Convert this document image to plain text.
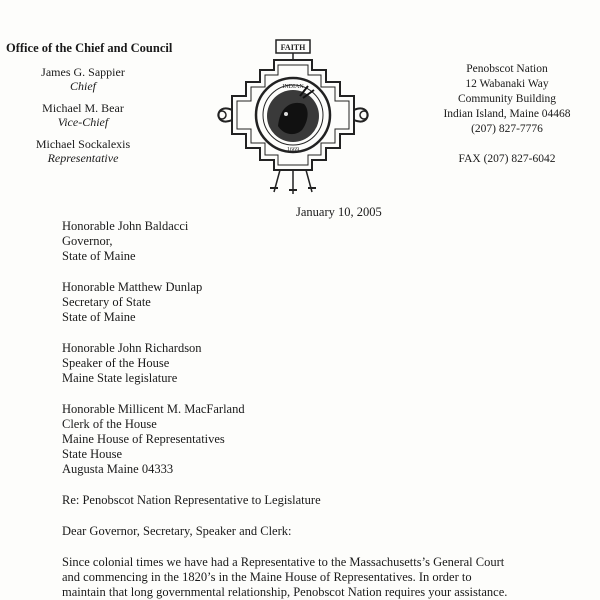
Office of the Chief and Council
James G. Sappier
Chief
Michael M. Bear
Vice-Chief
Michael Sockalexis
Representative
FAITH
INDIAN
1669
Penobscot Nation
12 Wabanaki Way
Community Building
Indian Island, Maine 04468
(207) 827-7776
FAX (207) 827-6042
January 10, 2005
Honorable John Baldacci
Governor,
State of Maine
Honorable Matthew Dunlap
Secretary of State
State of Maine
Honorable John Richardson
Speaker of the House
Maine State legislature
Honorable Millicent M. MacFarland
Clerk of the House
Maine House of Representatives
State House
Augusta Maine 04333
Re: Penobscot Nation Representative to Legislature
Dear Governor, Secretary, Speaker and Clerk:
Since colonial times we have had a Representative to the Massachusetts’s General Court
and commencing in the 1820’s in the Maine House of Representatives. In order to
maintain that long governmental relationship, Penobscot Nation requires your assistance.
